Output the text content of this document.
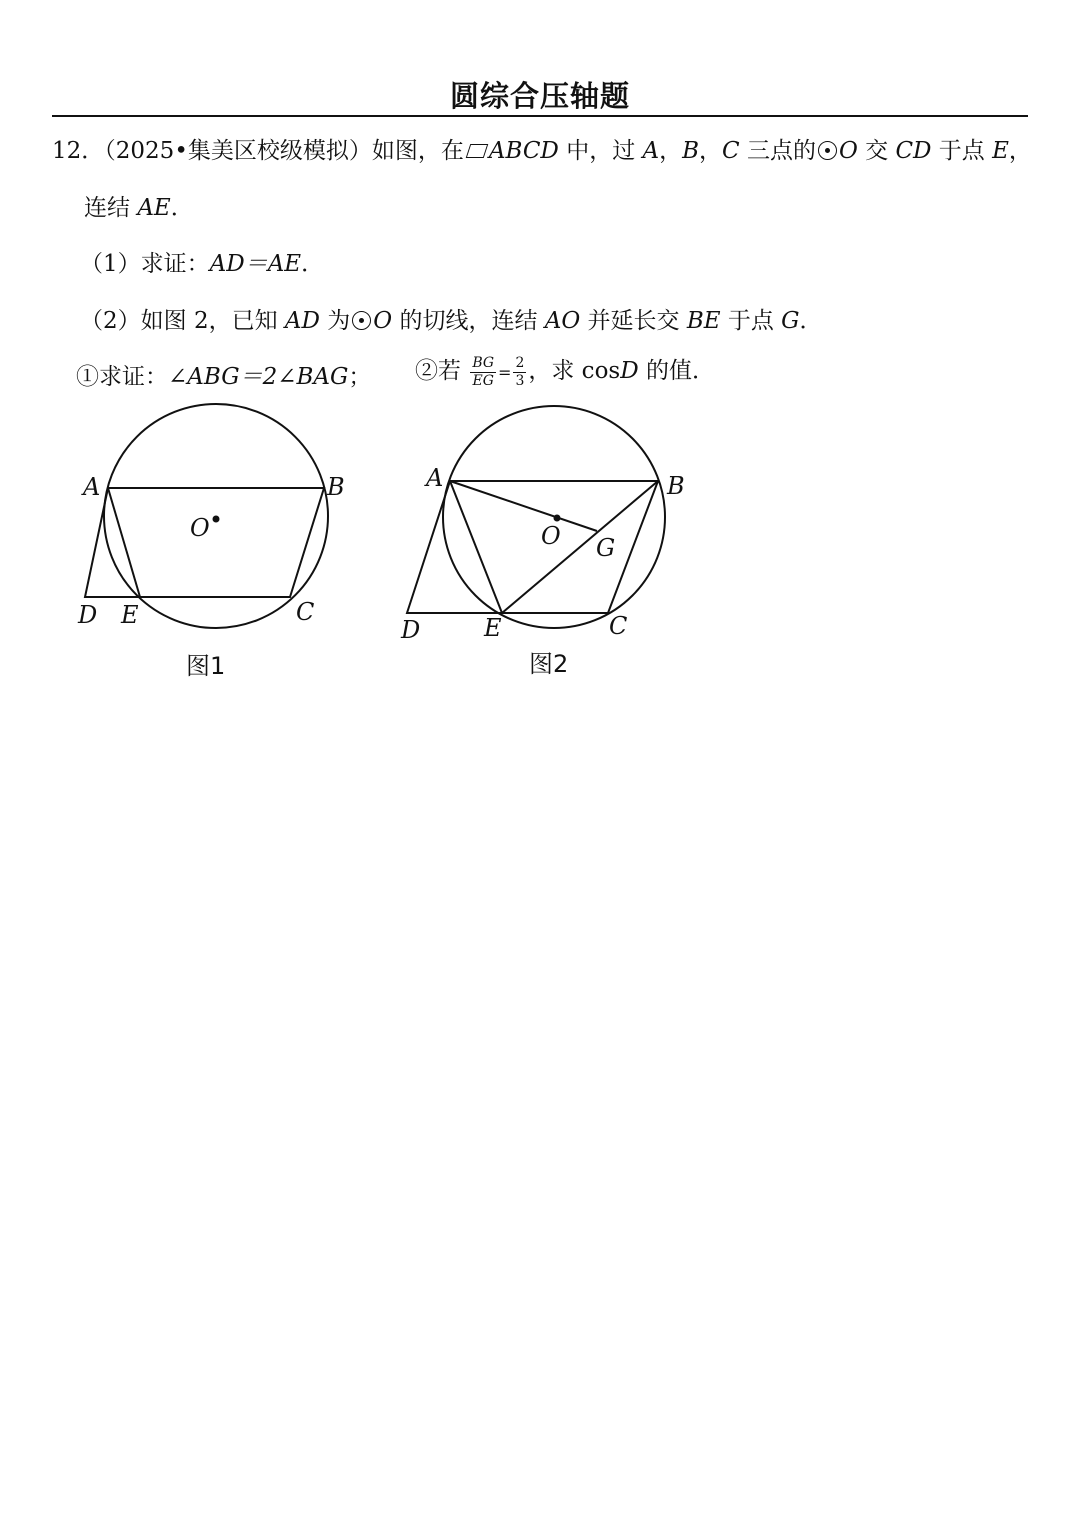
圆综合压轴题
12．（2025•集美区校级模拟）如图，在 ABCD 中，过 A，B，C 三点的 O 交 CD 于点 E，
连结 AE．
（1）求证：AD＝AE．
（2）如图 2，已知 AD 为 O 的切线，连结 AO 并延长交 BE 于点 G．
①求证：∠ABG＝2∠BAG； ②若 $\frac{BG}{EG} = \frac{2}{3}$ ，求 cosD 的值．
A	B
O
D E	C
图1
A	B
O G
D	E	C
图2
